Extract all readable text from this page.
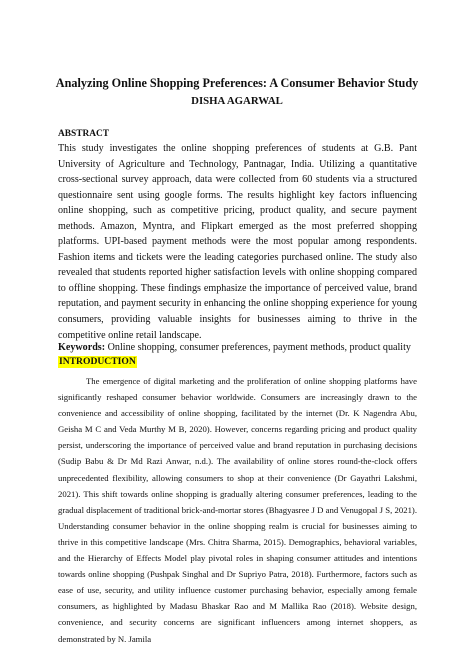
Analyzing Online Shopping Preferences: A Consumer Behavior Study
DISHA AGARWAL
ABSTRACT

This study investigates the online shopping preferences of students at G.B. Pant University of Agriculture and Technology, Pantnagar, India. Utilizing a quantitative cross-sectional survey approach, data were collected from 60 students via a structured questionnaire sent using google forms. The results highlight key factors influencing online shopping, such as competitive pricing, product quality, and secure payment methods. Amazon, Myntra, and Flipkart emerged as the most preferred shopping platforms. UPI-based payment methods were the most popular among respondents. Fashion items and tickets were the leading categories purchased online. The study also revealed that students reported higher satisfaction levels with online shopping compared to offline shopping. These findings emphasize the importance of perceived value, brand reputation, and payment security in enhancing the online shopping experience for young consumers, providing valuable insights for businesses aiming to thrive in the competitive online retail landscape.

Keywords: Online shopping, consumer preferences, payment methods, product quality

INTRODUCTION

The emergence of digital marketing and the proliferation of online shopping platforms have significantly reshaped consumer behavior worldwide. Consumers are increasingly drawn to the convenience and accessibility of online shopping, facilitated by the internet (Dr. K Nagendra Abu, Geisha M C and Veda Murthy M B, 2020). However, concerns regarding pricing and product quality persist, underscoring the importance of perceived value and brand reputation in purchasing decisions (Sudip Babu & Dr Md Razi Anwar, n.d.). The availability of online stores round-the-clock offers unprecedented flexibility, allowing consumers to shop at their convenience (Dr Gayathri Lakshmi, 2021). This shift towards online shopping is gradually altering consumer preferences, leading to the gradual displacement of traditional brick-and-mortar stores (Bhagyasree J D and Venugopal J S, 2021). Understanding consumer behavior in the online shopping realm is crucial for businesses aiming to thrive in this competitive landscape (Mrs. Chitra Sharma, 2015). Demographics, behavioral variables, and the Hierarchy of Effects Model play pivotal roles in shaping consumer attitudes and intentions towards online shopping (Pushpak Singhal and Dr Supriyo Patra, 2018). Furthermore, factors such as ease of use, security, and utility influence customer purchasing behavior, especially among female consumers, as highlighted by Madasu Bhaskar Rao and M Mallika Rao (2018). Website design, convenience, and security concerns are significant influencers among internet shoppers, as demonstrated by N. Jamila
